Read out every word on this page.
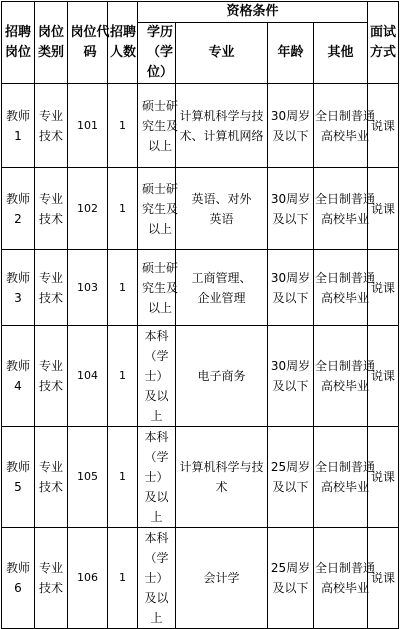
招聘岗位	岗位类别	岗位代码	招聘人数	资格条件				面试方式

				学历（学位）	专业	年龄	其他	

教师1	专业技术	101	1	硕士研究生及以上	计算机科学与技术、计算机网络	30周岁及以下	全日制普通高校毕业	说课

教师2	专业技术	102	1	硕士研究生及以上	英语、对外英语	30周岁及以下	全日制普通高校毕业	说课

教师3	专业技术	103	1	硕士研究生及以上	工商管理、企业管理	30周岁及以下	全日制普通高校毕业	说课

教师4	专业技术	104	1	本科（学士）及以上	电子商务	30周岁及以下	全日制普通高校毕业	说课

教师5	专业技术	105	1	本科（学士）及以上	计算机科学与技术	25周岁及以下	全日制普通高校毕业	说课

教师6	专业技术	106	1	本科（学士）及以上	会计学	25周岁及以下	全日制普通高校毕业	说课
